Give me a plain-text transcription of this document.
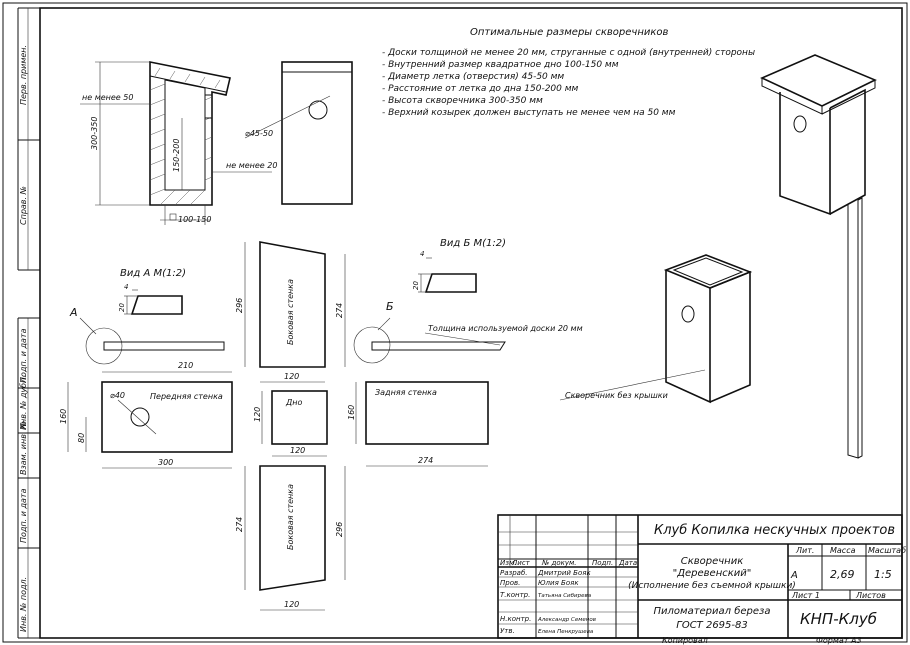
Перв. примен.
Справ. №
Подп. и дата
Инв. № дубл.
Взам. инв. №
Подп. и дата
Инв. № подл.
Оптимальные размеры скворечников
- Доски толщиной не менее 20 мм, струганные с одной (внутренней) стороны
- Внутренний размер квадратное дно 100-150 мм
- Диаметр летка (отверстия) 45-50 мм
- Расстояние от летка до дна 150-200 мм
- Высота скворечника 300-350 мм
- Верхний козырек должен выступать не менее чем на 50 мм
300-350
не менее 50
150-200	не менее 20
100-150
⌀45-50
Скворечник без крышки
Вид А М(1:2)
4
20
А
Вид Б М(1:2)
4
20
Б
Толщина используемой доски 20 мм
Передняя стенка
⌀40
210
160
80
300
Боковая стенка
296	274
120
Дно
120
120
Задняя стенка
160
274
Боковая стенка
274	296
120
Изм.
Лист № докум. Подп. Дата
Разраб. Дмитрий Бояк
Пров.	Юлия Бояк
Т.контр. Татьяна Сибирева
Н.контр. Александр Семенов
Утв.	Елена Пенкрушева
Клуб Копилка нескучных проектов
Скворечник
"Деревенский"
(Исполнение без съемной крышки)
Пиломатериал береза
ГОСТ 2695-83
Лит. Масса Масштаб
А	2,69 1:5
Лист 1	Листов
КНП-Клуб
Копировал	Формат А3
